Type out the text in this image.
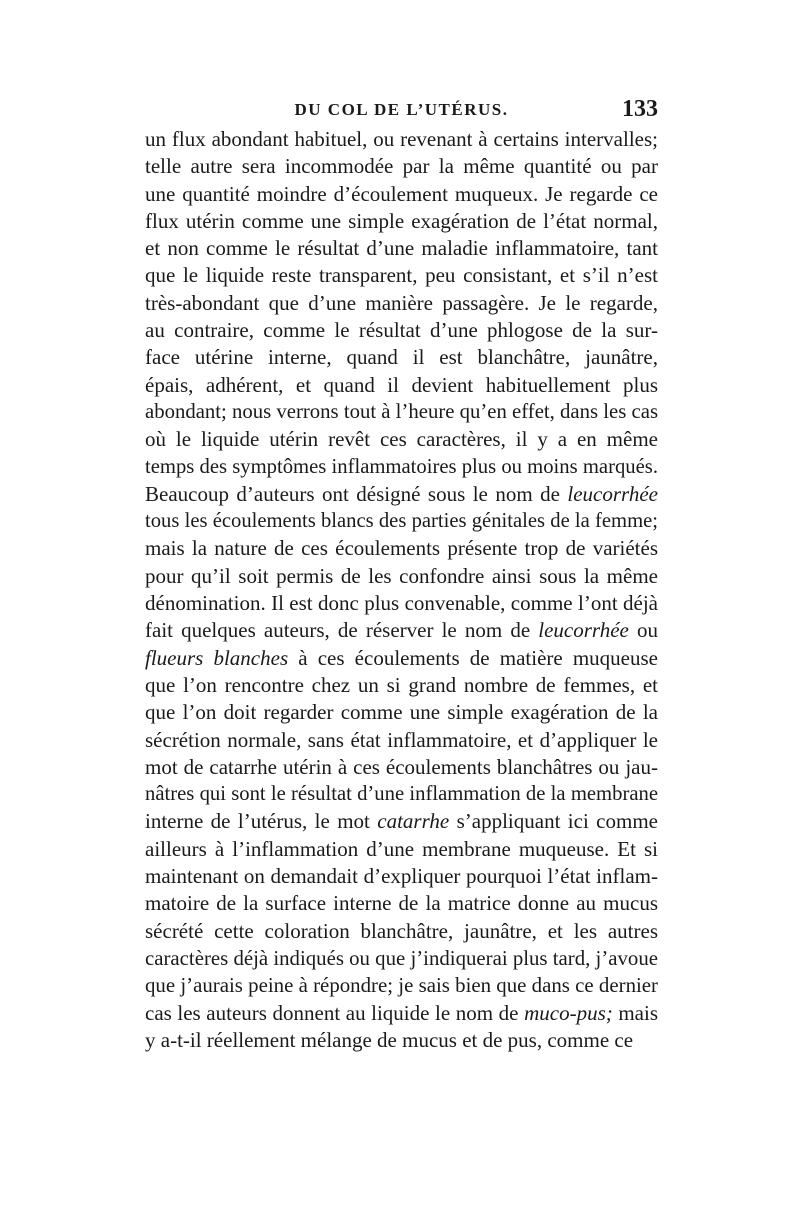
DU COL DE L’UTÉRUS.	133
un flux abondant habituel, ou revenant à certains intervalles;
telle autre sera incommodée par la même quantité ou par
une quantité moindre d’écoulement muqueux. Je regarde ce
flux utérin comme une simple exagération de l’état normal,
et non comme le résultat d’une maladie inflammatoire, tant
que le liquide reste transparent, peu consistant, et s’il n’est
très-abondant que d’une manière passagère. Je le regarde,
au contraire, comme le résultat d’une phlogose de la sur-
face utérine interne, quand il est blanchâtre, jaunâtre,
épais, adhérent, et quand il devient habituellement plus
abondant; nous verrons tout à l’heure qu’en effet, dans les cas
où le liquide utérin revêt ces caractères, il y a en même
temps des symptômes inflammatoires plus ou moins marqués.
Beaucoup d’auteurs ont désigné sous le nom de leucorrhée
tous les écoulements blancs des parties génitales de la femme;
mais la nature de ces écoulements présente trop de variétés
pour qu’il soit permis de les confondre ainsi sous la même
dénomination. Il est donc plus convenable, comme l’ont déjà
fait quelques auteurs, de réserver le nom de leucorrhée ou
flueurs blanches à ces écoulements de matière muqueuse
que l’on rencontre chez un si grand nombre de femmes, et
que l’on doit regarder comme une simple exagération de la
sécrétion normale, sans état inflammatoire, et d’appliquer le
mot de catarrhe utérin à ces écoulements blanchâtres ou jau-
nâtres qui sont le résultat d’une inflammation de la membrane
interne de l’utérus, le mot catarrhe s’appliquant ici comme
ailleurs à l’inflammation d’une membrane muqueuse. Et si
maintenant on demandait d’expliquer pourquoi l’état inflam-
matoire de la surface interne de la matrice donne au mucus
sécrété cette coloration blanchâtre, jaunâtre, et les autres
caractères déjà indiqués ou que j’indiquerai plus tard, j’avoue
que j’aurais peine à répondre; je sais bien que dans ce dernier
cas les auteurs donnent au liquide le nom de muco-pus; mais
y a-t-il réellement mélange de mucus et de pus, comme ce
